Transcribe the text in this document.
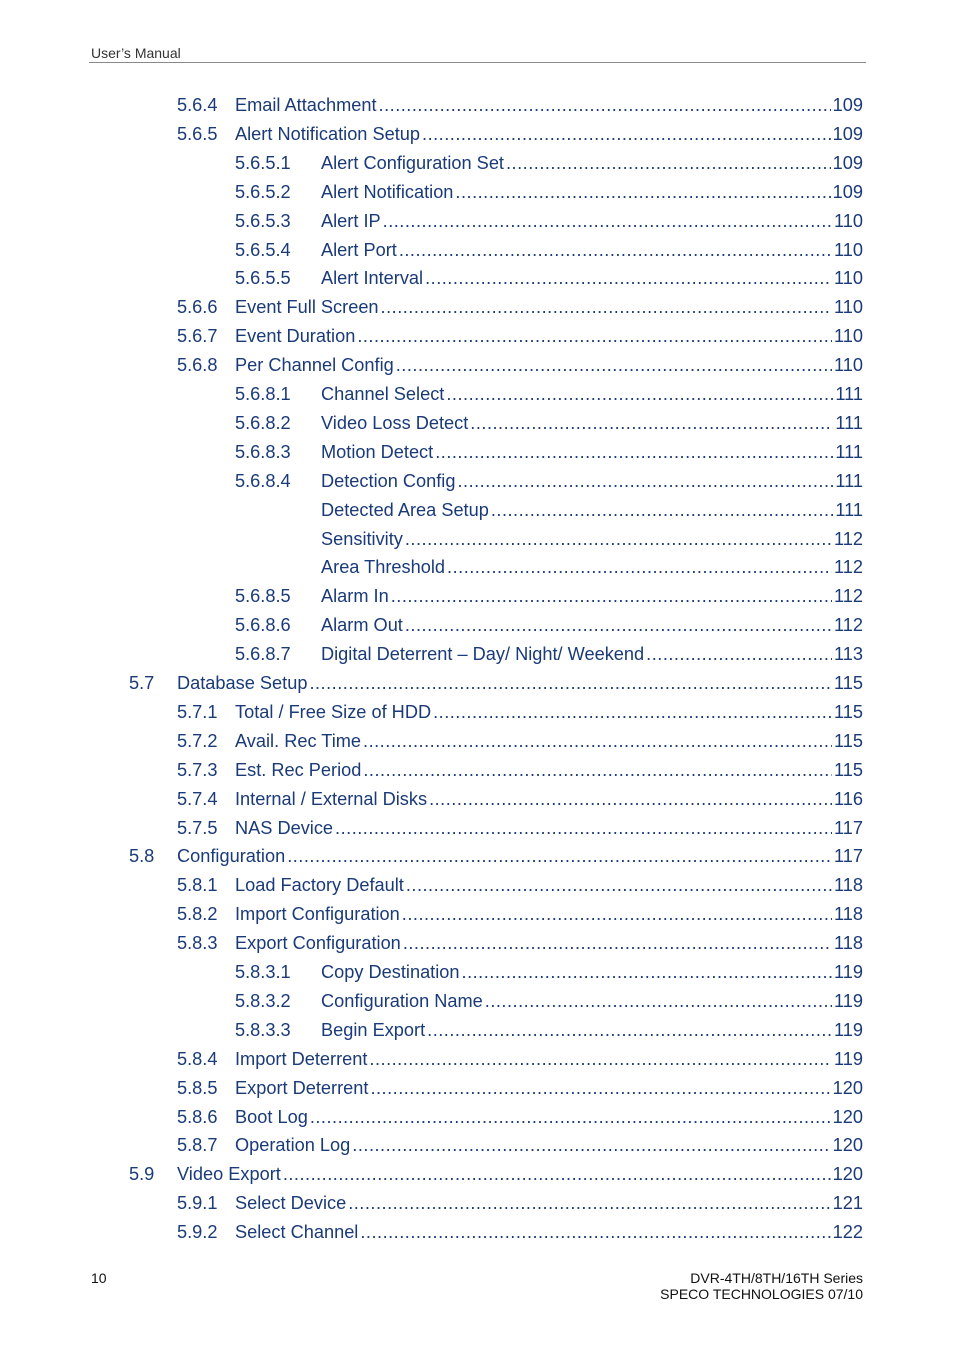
User’s Manual
5.6.4 Email Attachment .....	109
5.6.5 Alert Notification Setup .....	109
5.6.5.1 Alert Configuration Set .....	109
5.6.5.2 Alert Notification .....	109
5.6.5.3 Alert IP .....	110
5.6.5.4 Alert Port .....	110
5.6.5.5 Alert Interval .....	110
5.6.6 Event Full Screen .....	110
5.6.7 Event Duration .....	110
5.6.8 Per Channel Config .....	110
5.6.8.1 Channel Select .....	111
5.6.8.2 Video Loss Detect .....	111
5.6.8.3 Motion Detect .....	111
5.6.8.4 Detection Config .....	111
Detected Area Setup .....	111
Sensitivity .....	112
Area Threshold .....	112
5.6.8.5 Alarm In .....	112
5.6.8.6 Alarm Out .....	112
5.6.8.7 Digital Deterrent – Day/ Night/ Weekend .....	113
5.7 Database Setup .....	115
5.7.1 Total / Free Size of HDD .....	115
5.7.2 Avail. Rec Time .....	115
5.7.3 Est. Rec Period .....	115
5.7.4 Internal / External Disks .....	116
5.7.5 NAS Device .....	117
5.8 Configuration .....	117
5.8.1 Load Factory Default .....	118
5.8.2 Import Configuration .....	118
5.8.3 Export Configuration .....	118
5.8.3.1 Copy Destination .....	119
5.8.3.2 Configuration Name .....	119
5.8.3.3 Begin Export .....	119
5.8.4 Import Deterrent .....	119
5.8.5 Export Deterrent .....	120
5.8.6 Boot Log .....	120
5.8.7 Operation Log .....	120
5.9 Video Export .....	120
5.9.1 Select Device .....	121
5.9.2 Select Channel .....	122
10	DVR-4TH/8TH/16TH Series
SPECO TECHNOLOGIES 07/10
